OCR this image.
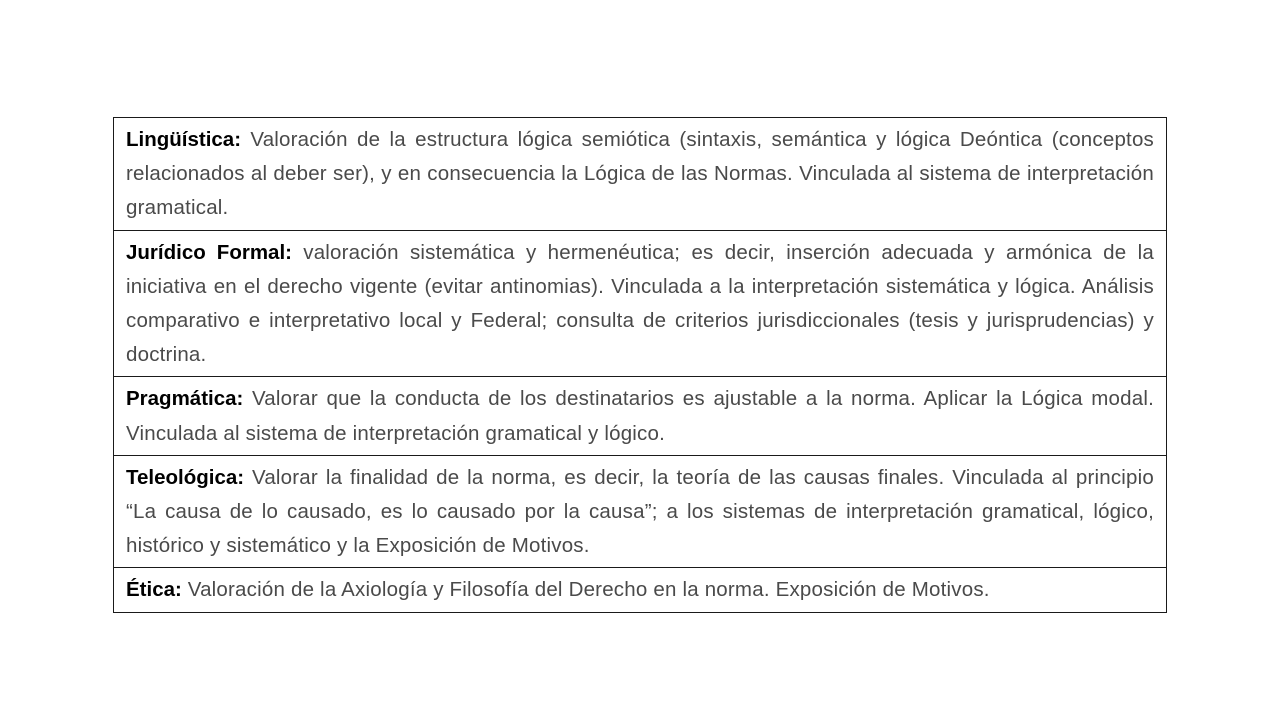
Lingüística: Valoración de la estructura lógica semiótica (sintaxis, semántica y lógica Deóntica (conceptos relacionados al deber ser), y en consecuencia la Lógica de las Normas. Vinculada al sistema de interpretación gramatical.
Jurídico Formal: valoración sistemática y hermenéutica; es decir, inserción adecuada y armónica de la iniciativa en el derecho vigente (evitar antinomias). Vinculada a la interpretación sistemática y lógica. Análisis comparativo e interpretativo local y Federal; consulta de criterios jurisdiccionales (tesis y jurisprudencias) y doctrina.
Pragmática: Valorar que la conducta de los destinatarios es ajustable a la norma. Aplicar la Lógica modal. Vinculada al sistema de interpretación gramatical y lógico.
Teleológica: Valorar la finalidad de la norma, es decir, la teoría de las causas finales. Vinculada al principio “La causa de lo causado, es lo causado por la causa”; a los sistemas de interpretación gramatical, lógico, histórico y sistemático y la Exposición de Motivos.
Ética: Valoración de la Axiología y Filosofía del Derecho en la norma. Exposición de Motivos.
